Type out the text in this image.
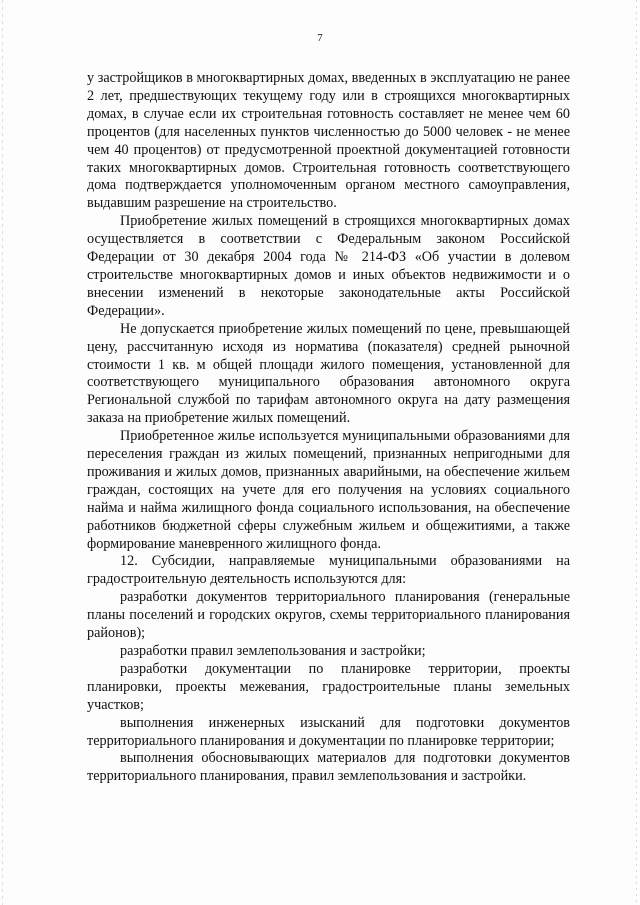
7

у застройщиков в многоквартирных домах, введенных в эксплуатацию не ранее 2 лет, предшествующих текущему году или в строящихся многоквартирных домах, в случае если их строительная готовность составляет не менее чем 60 процентов (для населенных пунктов численностью до 5000 человек - не менее чем 40 процентов) от предусмотренной проектной документацией готовности таких многоквартирных домов. Строительная готовность соответствующего дома подтверждается уполномоченным органом местного самоуправления, выдавшим разрешение на строительство.

Приобретение жилых помещений в строящихся многоквартирных домах осуществляется в соответствии с Федеральным законом Российской Федерации от 30 декабря 2004 года № 214-ФЗ «Об участии в долевом строительстве многоквартирных домов и иных объектов недвижимости и о внесении изменений в некоторые законодательные акты Российской Федерации».

Не допускается приобретение жилых помещений по цене, превышающей цену, рассчитанную исходя из норматива (показателя) средней рыночной стоимости 1 кв. м общей площади жилого помещения, установленной для соответствующего муниципального образования автономного округа Региональной службой по тарифам автономного округа на дату размещения заказа на приобретение жилых помещений.

Приобретенное жилье используется муниципальными образованиями для переселения граждан из жилых помещений, признанных непригодными для проживания и жилых домов, признанных аварийными, на обеспечение жильем граждан, состоящих на учете для его получения на условиях социального найма и найма жилищного фонда социального использования, на обеспечение работников бюджетной сферы служебным жильем и общежитиями, а также формирование маневренного жилищного фонда.

12. Субсидии, направляемые муниципальными образованиями на градостроительную деятельность используются для:

разработки документов территориального планирования (генеральные планы поселений и городских округов, схемы территориального планирования районов);

разработки правил землепользования и застройки;

разработки документации по планировке территории, проекты планировки, проекты межевания, градостроительные планы земельных участков;

выполнения инженерных изысканий для подготовки документов территориального планирования и документации по планировке территории;

выполнения обосновывающих материалов для подготовки документов территориального планирования, правил землепользования и застройки.
